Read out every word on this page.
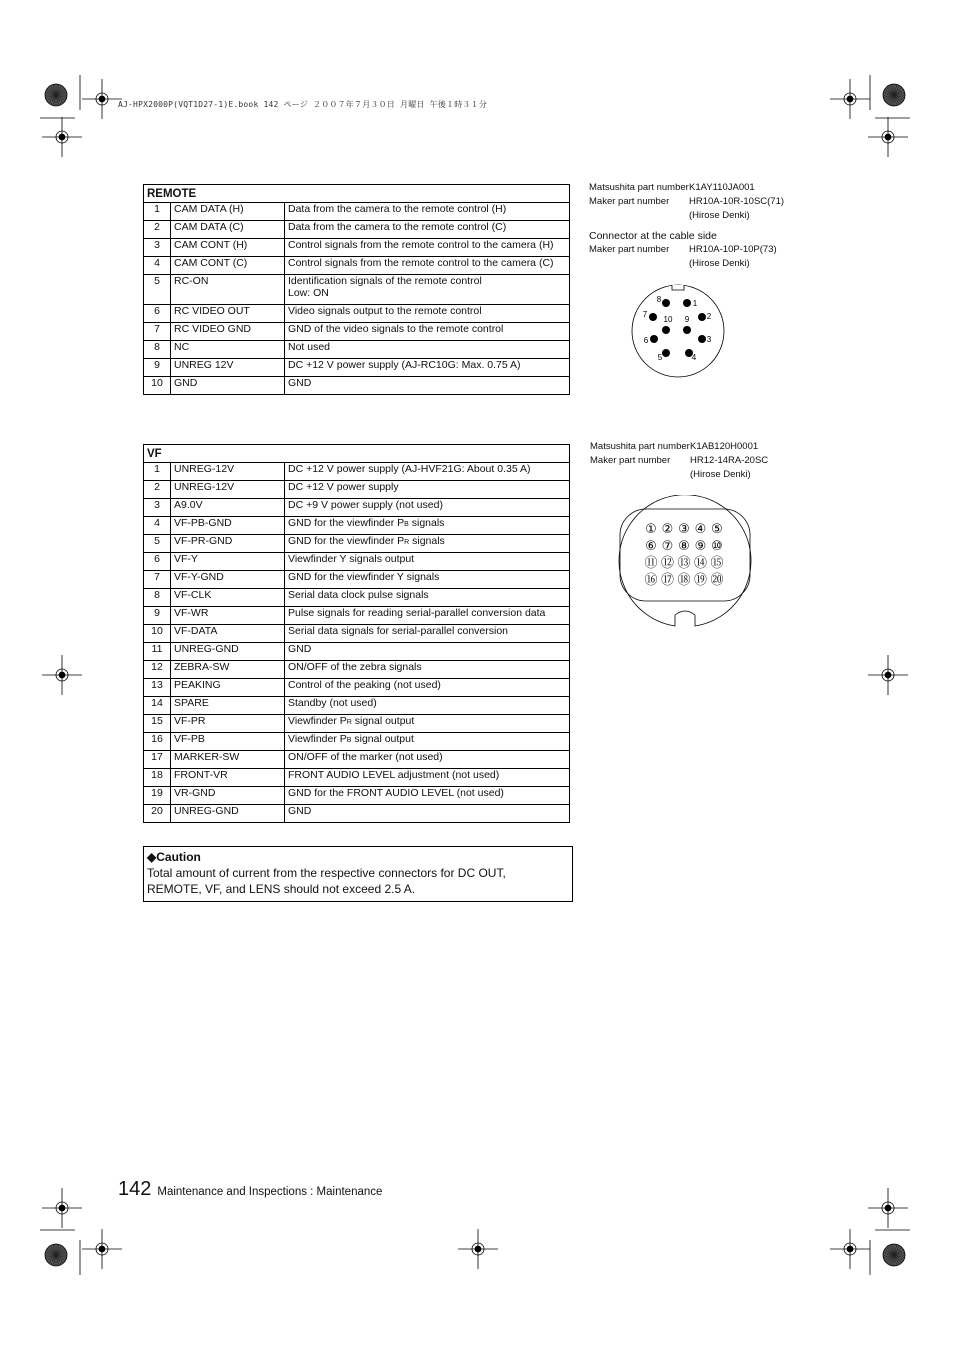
AJ-HPX2000P(VQT1D27-1)E.book 142 ページ ２００７年７月３０日 月曜日 午後１時３１分
REMOTE		
1	CAM DATA (H)	Data from the camera to the remote control (H)
2	CAM DATA (C)	Data from the camera to the remote control (C)
3	CAM CONT (H)	Control signals from the remote control to the camera (H)
4	CAM CONT (C)	Control signals from the remote control to the camera (C)
5	RC-ON	Identification signals of the remote control
Low: ON
6	RC VIDEO OUT	Video signals output to the remote control
7	RC VIDEO GND	GND of the video signals to the remote control
8	NC	Not used
9	UNREG 12V	DC +12 V power supply (AJ-RC10G: Max. 0.75 A)
10	GND	GND
Matsushita part numberK1AY110JA001
Maker part number HR10A-10R-10SC(71)
(Hirose Denki)
Connector at the cable side
Maker part number HR10A-10P-10P(73)
(Hirose Denki)
1
2
3
4
5
6
7
8
9
10
VF		
1	UNREG-12V	DC +12 V power supply (AJ-HVF21G: About 0.35 A)
2	UNREG-12V	DC +12 V power supply
3	A9.0V	DC +9 V power supply (not used)
4	VF-PB-GND	GND for the viewfinder PB signals
5	VF-PR-GND	GND for the viewfinder PR signals
6	VF-Y	Viewfinder Y signals output
7	VF-Y-GND	GND for the viewfinder Y signals
8	VF-CLK	Serial data clock pulse signals
9	VF-WR	Pulse signals for reading serial-parallel conversion data
10	VF-DATA	Serial data signals for serial-parallel conversion
11	UNREG-GND	GND
12	ZEBRA-SW	ON/OFF of the zebra signals
13	PEAKING	Control of the peaking (not used)
14	SPARE	Standby (not used)
15	VF-PR	Viewfinder PR signal output
16	VF-PB	Viewfinder PB signal output
17	MARKER-SW	ON/OFF of the marker (not used)
18	FRONT-VR	FRONT AUDIO LEVEL adjustment (not used)
19	VR-GND	GND for the FRONT AUDIO LEVEL (not used)
20	UNREG-GND	GND
Matsushita part numberK1AB120H0001
Maker part number HR12-14RA-20SC
(Hirose Denki)
① ② ③ ④ ⑤
⑥ ⑦ ⑧ ⑨ ⑩
⑪ ⑫ ⑬ ⑭ ⑮
⑯ ⑰ ⑱ ⑲ ⑳
◆Caution
Total amount of current from the respective connectors for DC OUT, REMOTE, VF, and LENS should not exceed 2.5 A.
142 Maintenance and Inspections : Maintenance
